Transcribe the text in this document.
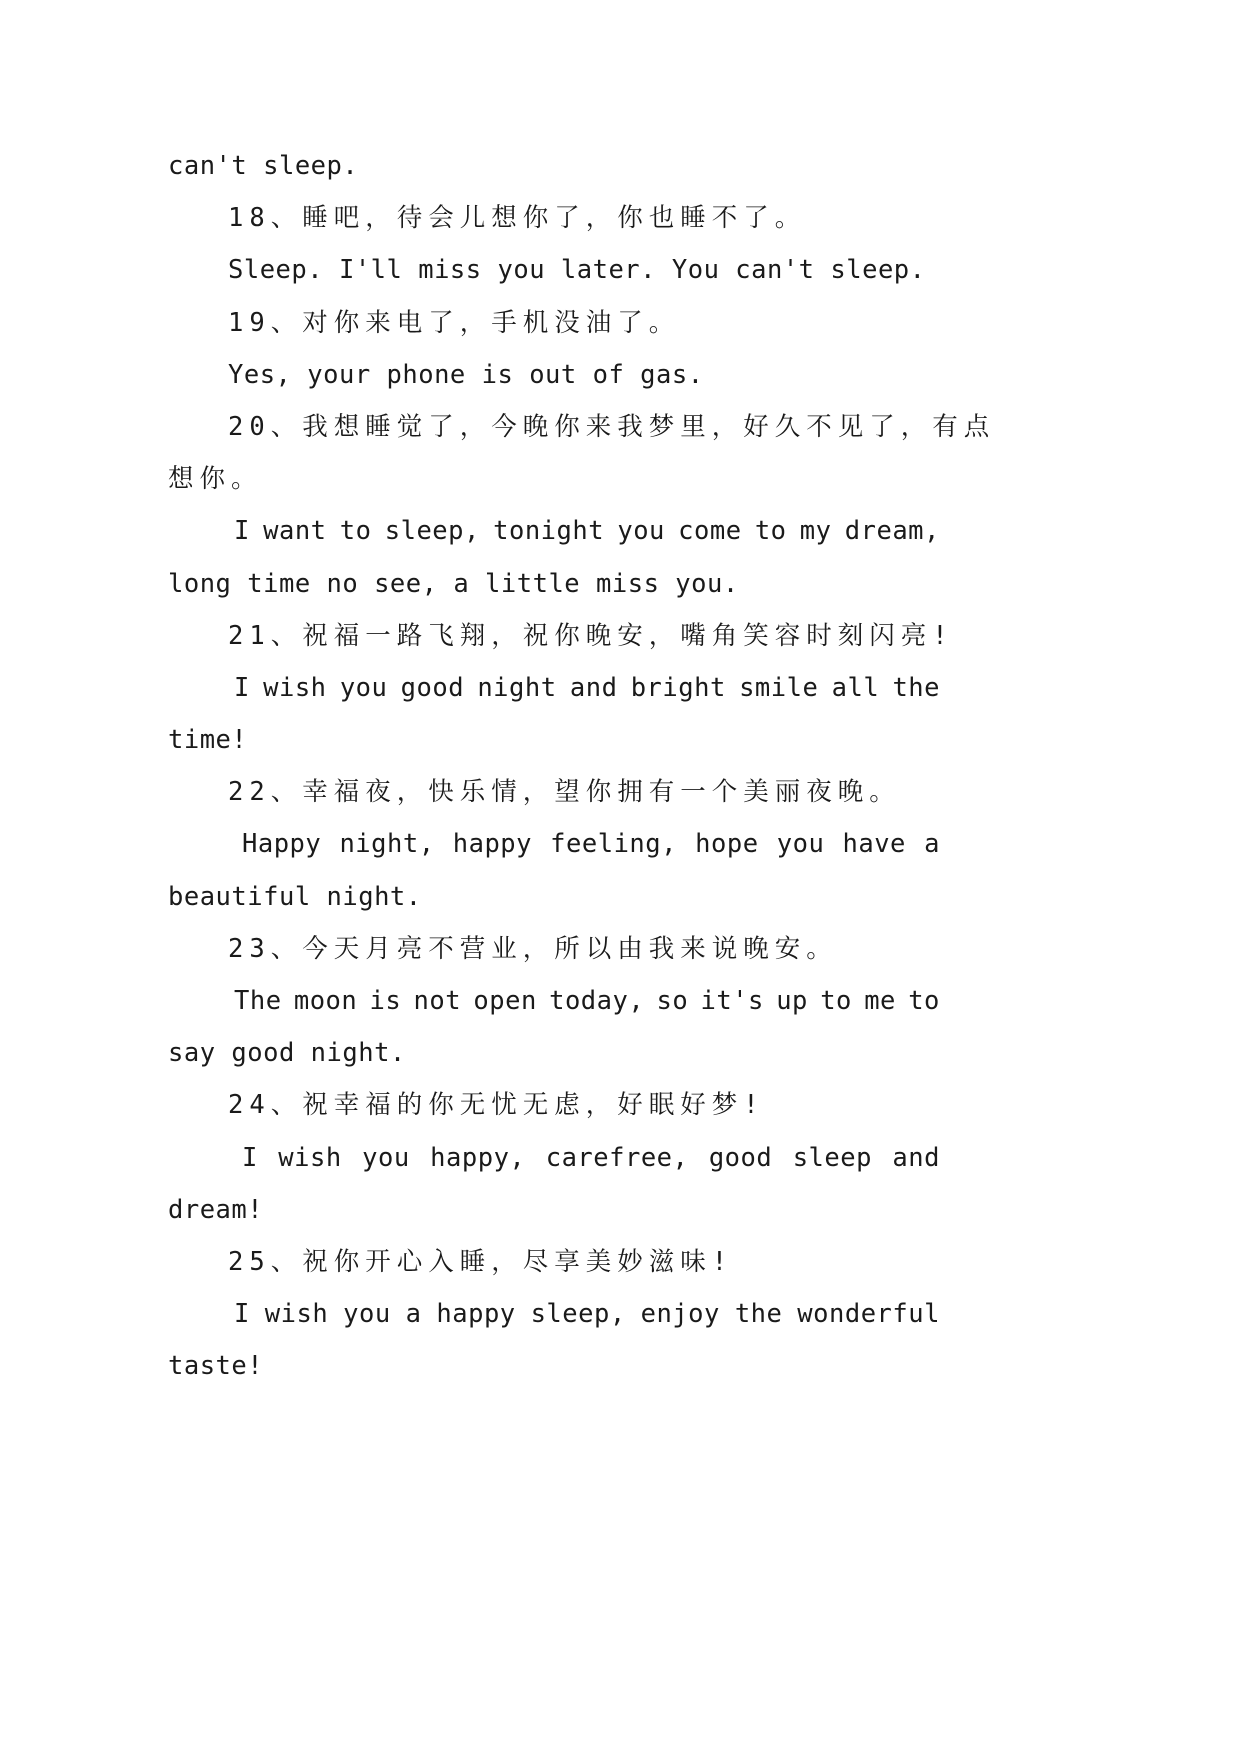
can't sleep.
18、睡吧，待会儿想你了，你也睡不了。
Sleep. I'll miss you later. You can't sleep.
19、对你来电了，手机没油了。
Yes, your phone is out of gas.
20、我想睡觉了，今晚你来我梦里，好久不见了，有点
想你。
I want to sleep, tonight you come to my dream,
long time no see, a little miss you.
21、祝福一路飞翔，祝你晚安，嘴角笑容时刻闪亮!
I wish you good night and bright smile all the
time!
22、幸福夜，快乐情，望你拥有一个美丽夜晚。
Happy night, happy feeling, hope you have a
beautiful night.
23、今天月亮不营业，所以由我来说晚安。
The moon is not open today, so it's up to me to
say good night.
24、祝幸福的你无忧无虑，好眠好梦!
I wish you happy, carefree, good sleep and
dream!
25、祝你开心入睡，尽享美妙滋味!
I wish you a happy sleep, enjoy the wonderful
taste!
